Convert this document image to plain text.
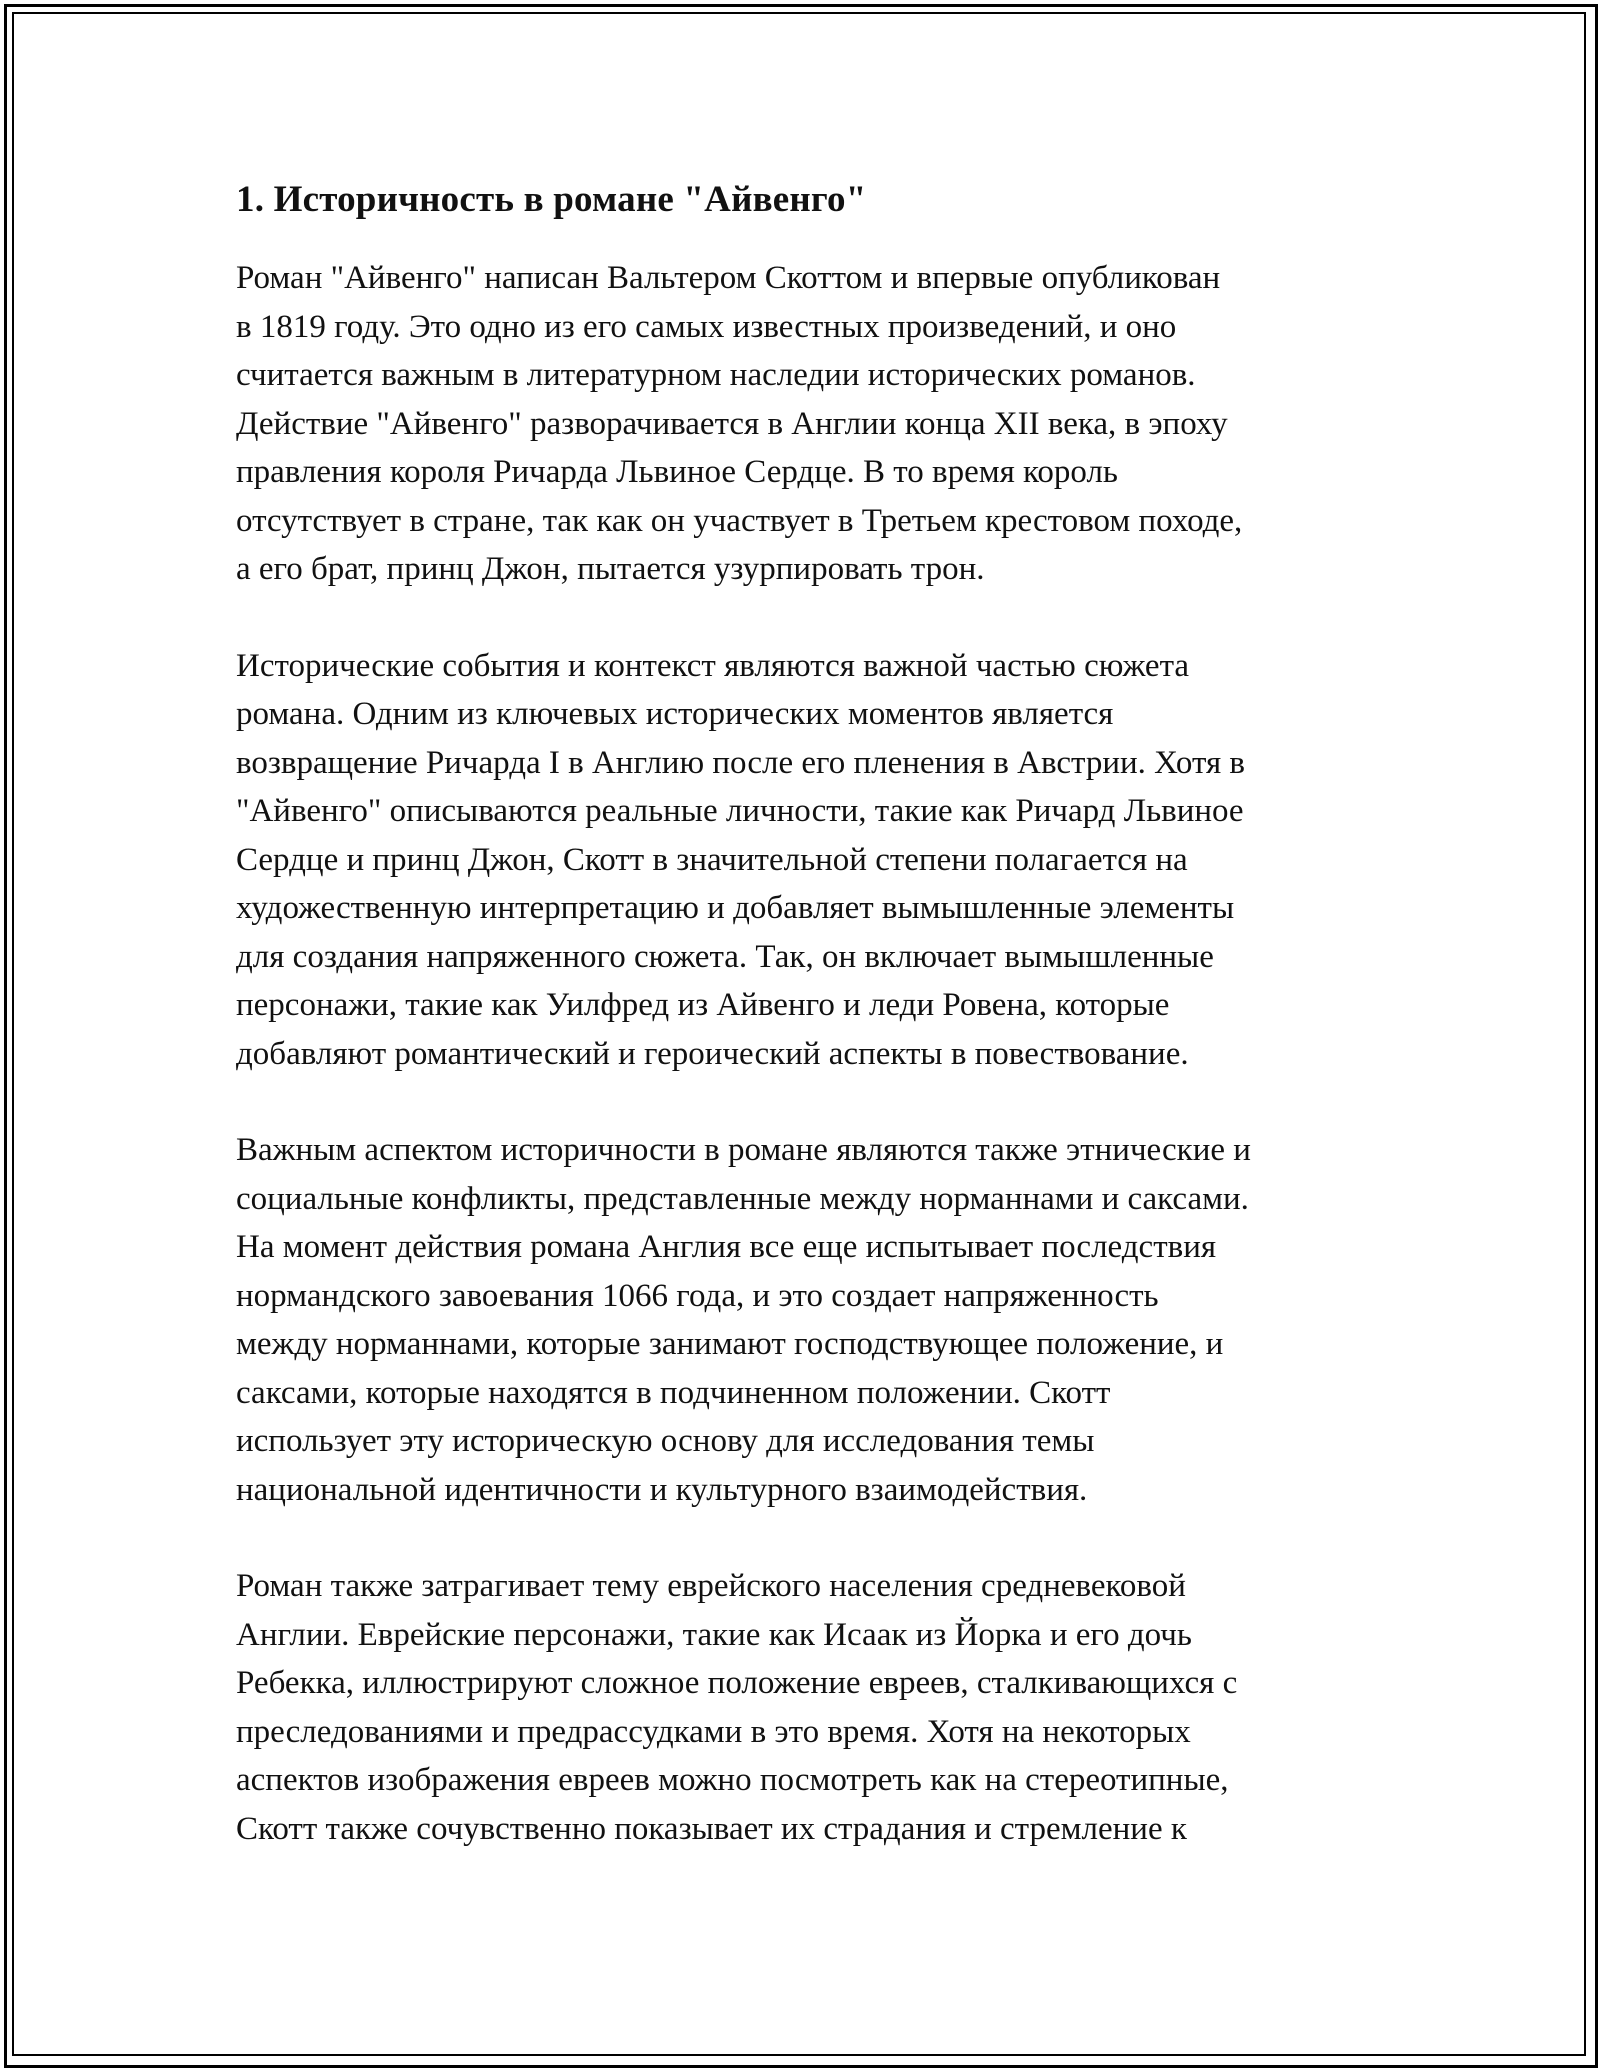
1. Историчность в романе "Айвенго"
Роман "Айвенго" написан Вальтером Скоттом и впервые опубликован
в 1819 году. Это одно из его самых известных произведений, и оно
считается важным в литературном наследии исторических романов.
Действие "Айвенго" разворачивается в Англии конца XII века, в эпоху
правления короля Ричарда Львиное Сердце. В то время король
отсутствует в стране, так как он участвует в Третьем крестовом походе,
а его брат, принц Джон, пытается узурпировать трон.
Исторические события и контекст являются важной частью сюжета
романа. Одним из ключевых исторических моментов является
возвращение Ричарда I в Англию после его пленения в Австрии. Хотя в
"Айвенго" описываются реальные личности, такие как Ричард Львиное
Сердце и принц Джон, Скотт в значительной степени полагается на
художественную интерпретацию и добавляет вымышленные элементы
для создания напряженного сюжета. Так, он включает вымышленные
персонажи, такие как Уилфред из Айвенго и леди Ровена, которые
добавляют романтический и героический аспекты в повествование.
Важным аспектом историчности в романе являются также этнические и
социальные конфликты, представленные между норманнами и саксами.
На момент действия романа Англия все еще испытывает последствия
нормандского завоевания 1066 года, и это создает напряженность
между норманнами, которые занимают господствующее положение, и
саксами, которые находятся в подчиненном положении. Скотт
использует эту историческую основу для исследования темы
национальной идентичности и культурного взаимодействия.
Роман также затрагивает тему еврейского населения средневековой
Англии. Еврейские персонажи, такие как Исаак из Йорка и его дочь
Ребекка, иллюстрируют сложное положение евреев, сталкивающихся с
преследованиями и предрассудками в это время. Хотя на некоторых
аспектов изображения евреев можно посмотреть как на стереотипные,
Скотт также сочувственно показывает их страдания и стремление к
